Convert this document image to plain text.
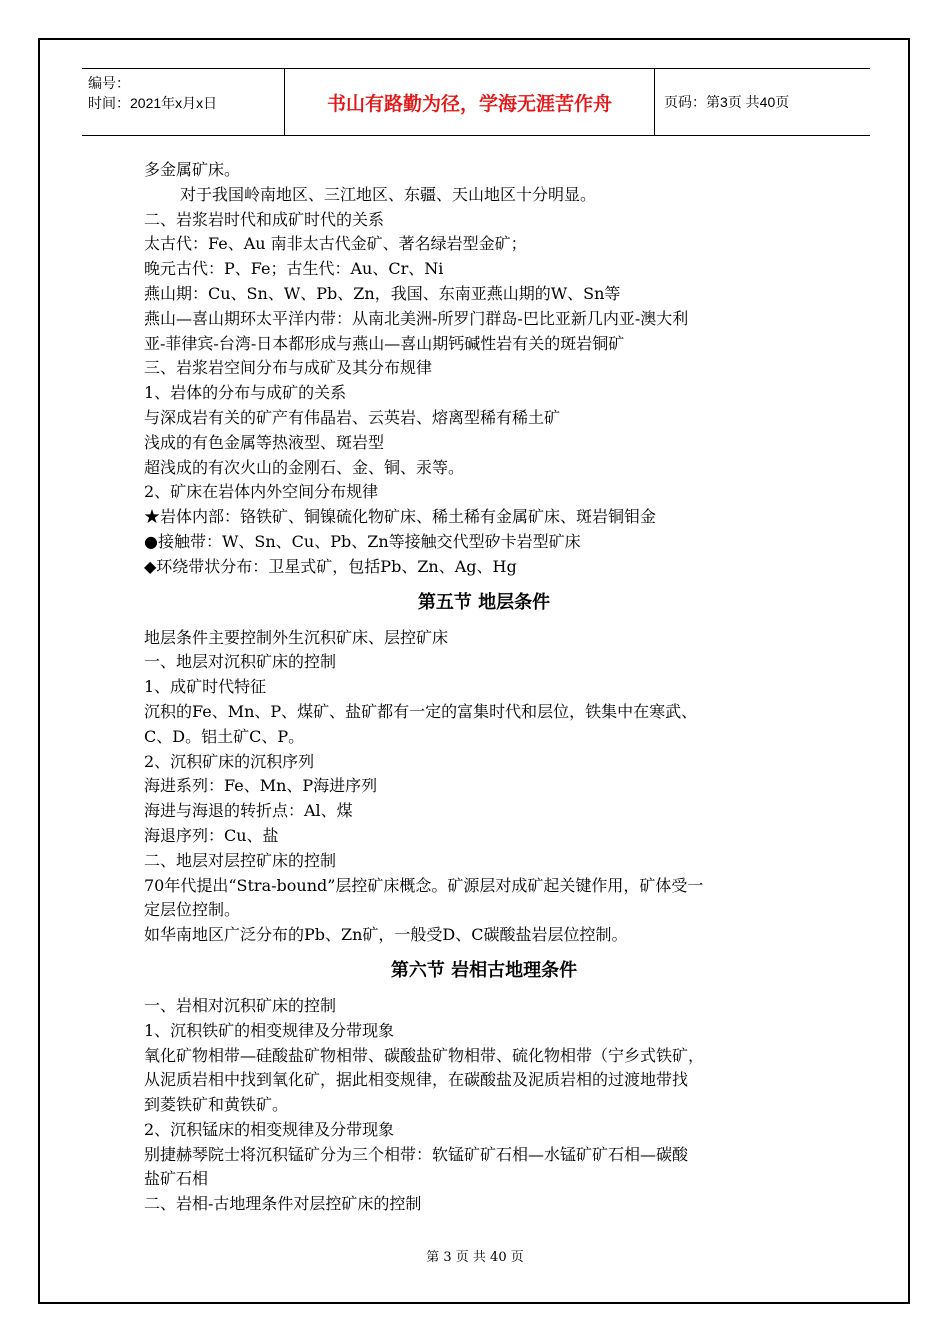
编号：
时间：2021年x月x日	书山有路勤为径，学海无涯苦作舟	页码：第3页 共40页
多金属矿床。
对于我国岭南地区、三江地区、东疆、天山地区十分明显。
二、岩浆岩时代和成矿时代的关系
太古代：Fe、Au 南非太古代金矿、著名绿岩型金矿；
晚元古代：P、Fe；古生代：Au、Cr、Ni
燕山期：Cu、Sn、W、Pb、Zn，我国、东南亚燕山期的W、Sn等
燕山—喜山期环太平洋内带：从南北美洲-所罗门群岛-巴比亚新几内亚-澳大利
亚-菲律宾-台湾-日本都形成与燕山—喜山期钙碱性岩有关的斑岩铜矿
三、岩浆岩空间分布与成矿及其分布规律
1、岩体的分布与成矿的关系
与深成岩有关的矿产有伟晶岩、云英岩、熔离型稀有稀土矿
浅成的有色金属等热液型、斑岩型
超浅成的有次火山的金刚石、金、铜、汞等。
2、矿床在岩体内外空间分布规律
★岩体内部：铬铁矿、铜镍硫化物矿床、稀土稀有金属矿床、斑岩铜钼金
●接触带：W、Sn、Cu、Pb、Zn等接触交代型矽卡岩型矿床
◆环绕带状分布：卫星式矿，包括Pb、Zn、Ag、Hg
第五节 地层条件
地层条件主要控制外生沉积矿床、层控矿床
一、地层对沉积矿床的控制
1、成矿时代特征
沉积的Fe、Mn、P、煤矿、盐矿都有一定的富集时代和层位，铁集中在寒武、
C、D。铝土矿C、P。
2、沉积矿床的沉积序列
海进系列：Fe、Mn、P海进序列
海进与海退的转折点：Al、煤
海退序列：Cu、盐
二、地层对层控矿床的控制
70年代提出“Stra-bound”层控矿床概念。矿源层对成矿起关键作用，矿体受一
定层位控制。
如华南地区广泛分布的Pb、Zn矿，一般受D、C碳酸盐岩层位控制。
第六节 岩相古地理条件
一、岩相对沉积矿床的控制
1、沉积铁矿的相变规律及分带现象
氧化矿物相带—硅酸盐矿物相带、碳酸盐矿物相带、硫化物相带（宁乡式铁矿，
从泥质岩相中找到氧化矿，据此相变规律，在碳酸盐及泥质岩相的过渡地带找
到菱铁矿和黄铁矿。
2、沉积锰床的相变规律及分带现象
别捷赫琴院士将沉积锰矿分为三个相带：软锰矿矿石相—水锰矿矿石相—碳酸
盐矿石相
二、岩相-古地理条件对层控矿床的控制
第 3 页 共 40 页
